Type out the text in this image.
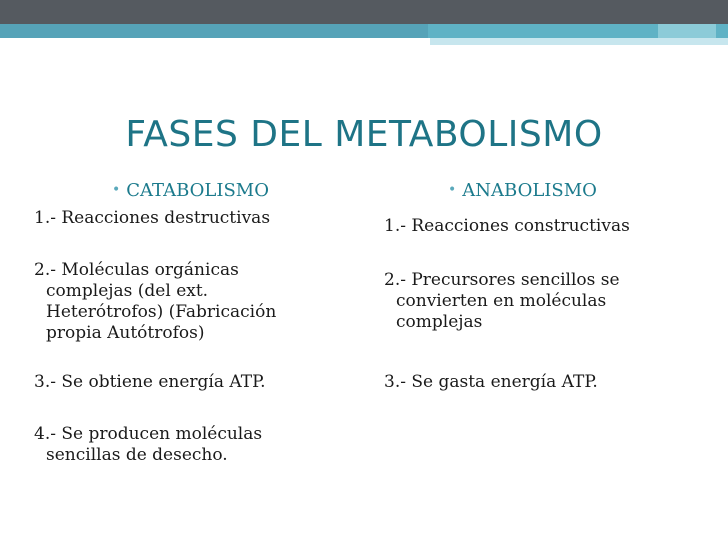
FASES DEL METABOLISMO
• CATABOLISMO	• ANABOLISMO
1.- Reacciones destructivas
2.- Moléculas orgánicas complejas (del ext. Heterótrofos) (Fabricación propia Autótrofos)
3.- Se obtiene energía ATP.
4.- Se producen moléculas sencillas de desecho.
1.- Reacciones constructivas
2.- Precursores sencillos se convierten en moléculas complejas
3.- Se gasta energía ATP.
